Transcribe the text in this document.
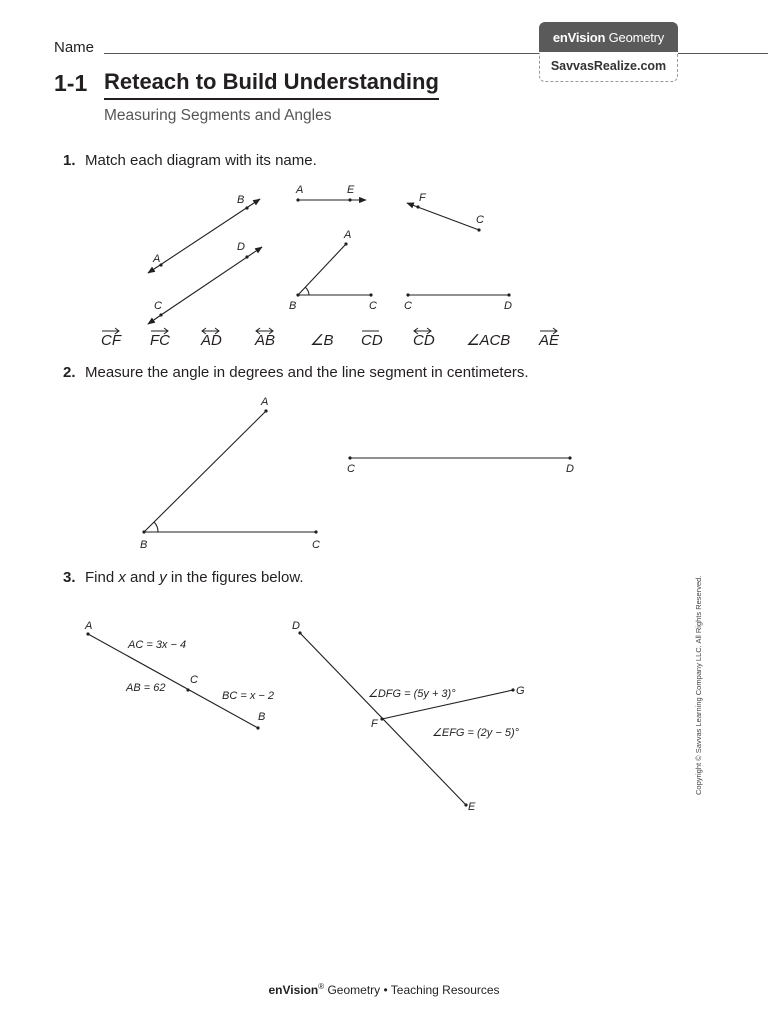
Name
enVision Geometry
SavvasRealize.com
1-1 Reteach to Build Understanding
Measuring Segments and Angles
1. Match each diagram with its name.
2. Measure the angle in degrees and the line segment in centimeters.
3. Find x and y in the figures below.
B
A
D
C
A	E
F
C
A
B	C C	D
CF FC AD AB ∠B CD CD ∠ACB AE
A
B	C
C	D
A
C
B
AC = 3x − 4
AB = 62
BC = x − 2
D
F
G
E
∠DFG = (5y + 3)°
∠EFG = (2y − 5)°	Copyright © Savvas Learning Company LLC. All Rights Reserved.
enVision® Geometry • Teaching Resources
